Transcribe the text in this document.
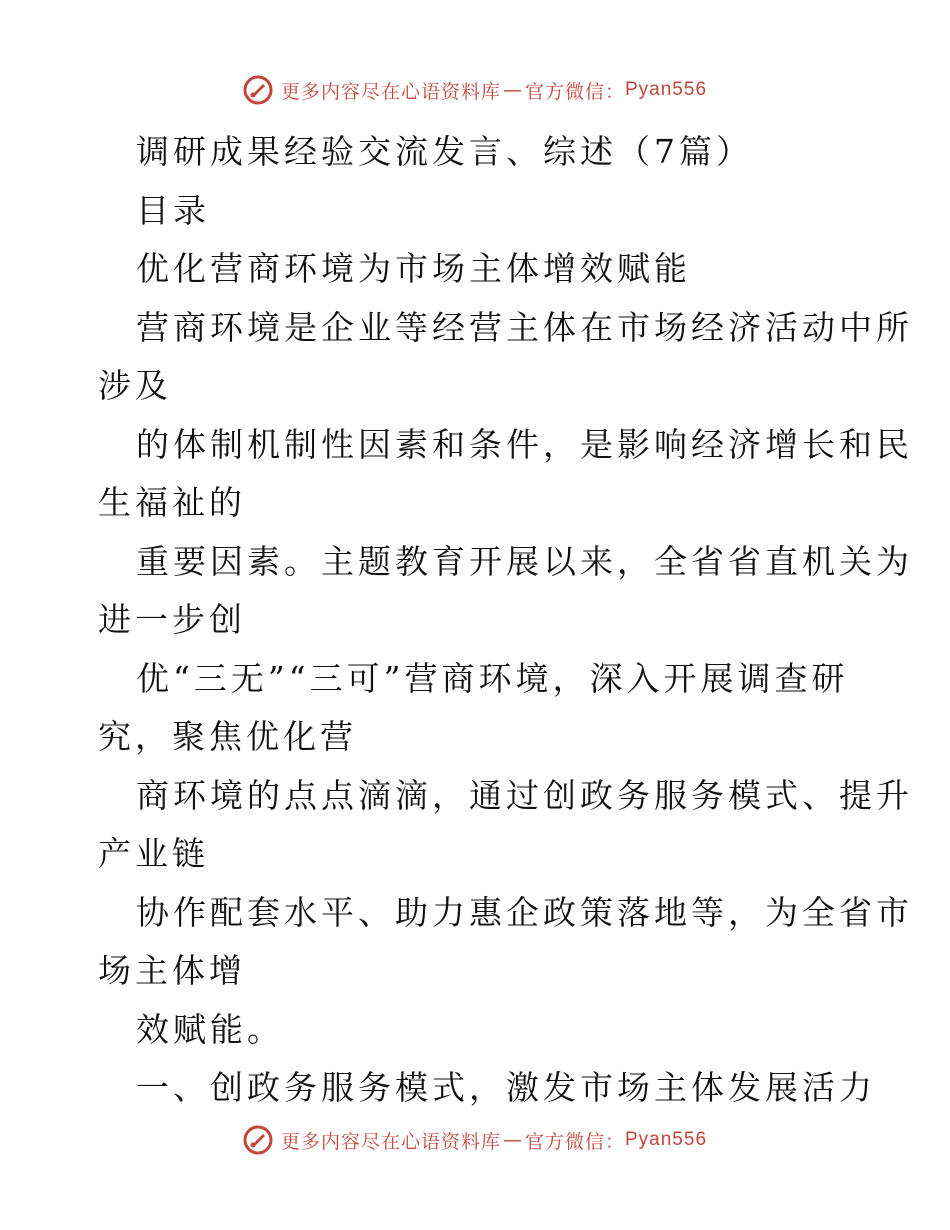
更多内容尽在心语资料库 — 官方微信： Pyan556
调研成果经验交流发言、综述（7篇）
目录
优化营商环境为市场主体增效赋能
营商环境是企业等经营主体在市场经济活动中所
涉及
的体制机制性因素和条件，是影响经济增长和民
生福祉的
重要因素。主题教育开展以来，全省省直机关为
进一步创
优“三无”“三可”营商环境，深入开展调查研
究，聚焦优化营
商环境的点点滴滴，通过创政务服务模式、提升
产业链
协作配套水平、助力惠企政策落地等，为全省市
场主体增
效赋能。
一、创政务服务模式，激发市场主体发展活力
更多内容尽在心语资料库 — 官方微信： Pyan556
